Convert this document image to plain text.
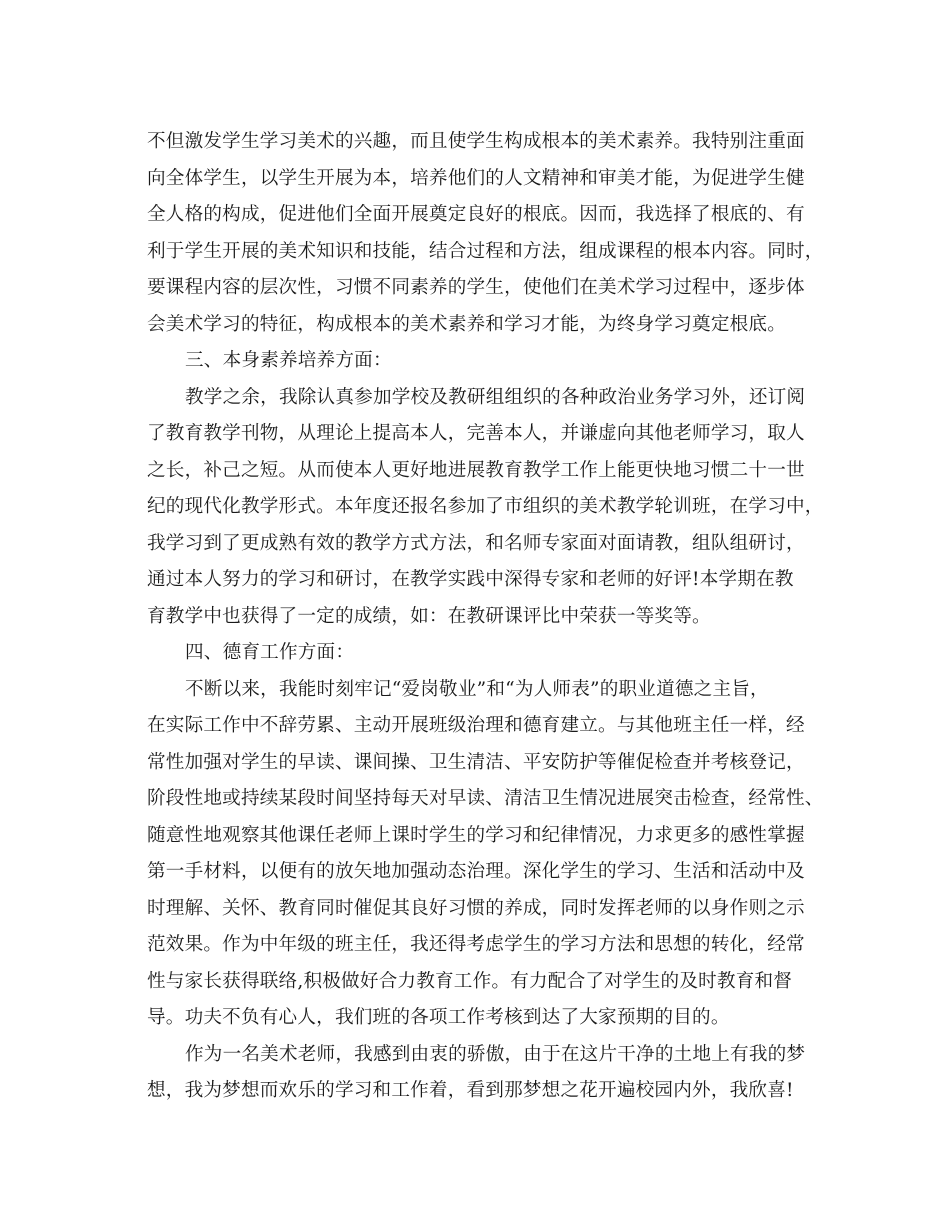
不但激发学生学习美术的兴趣，而且使学生构成根本的美术素养。我特别注重面
向全体学生，以学生开展为本，培养他们的人文精神和审美才能，为促进学生健
全人格的构成，促进他们全面开展奠定良好的根底。因而，我选择了根底的、有
利于学生开展的美术知识和技能，结合过程和方法，组成课程的根本内容。同时，
要课程内容的层次性，习惯不同素养的学生，使他们在美术学习过程中，逐步体
会美术学习的特征，构成根本的美术素养和学习才能，为终身学习奠定根底。
三、本身素养培养方面：
教学之余，我除认真参加学校及教研组组织的各种政治业务学习外，还订阅
了教育教学刊物，从理论上提高本人，完善本人，并谦虚向其他老师学习，取人
之长，补己之短。从而使本人更好地进展教育教学工作上能更快地习惯二十一世
纪的现代化教学形式。本年度还报名参加了市组织的美术教学轮训班，在学习中，
我学习到了更成熟有效的教学方式方法，和名师专家面对面请教，组队组研讨，
通过本人努力的学习和研讨，在教学实践中深得专家和老师的好评!本学期在教
育教学中也获得了一定的成绩，如：在教研课评比中荣获一等奖等。
四、德育工作方面：
不断以来，我能时刻牢记“爱岗敬业”和“为人师表”的职业道德之主旨，
在实际工作中不辞劳累、主动开展班级治理和德育建立。与其他班主任一样，经
常性加强对学生的早读、课间操、卫生清洁、平安防护等催促检查并考核登记，
阶段性地或持续某段时间坚持每天对早读、清洁卫生情况进展突击检查，经常性、
随意性地观察其他课任老师上课时学生的学习和纪律情况，力求更多的感性掌握
第一手材料，以便有的放矢地加强动态治理。深化学生的学习、生活和活动中及
时理解、关怀、教育同时催促其良好习惯的养成，同时发挥老师的以身作则之示
范效果。作为中年级的班主任，我还得考虑学生的学习方法和思想的转化，经常
性与家长获得联络,积极做好合力教育工作。有力配合了对学生的及时教育和督
导。功夫不负有心人，我们班的各项工作考核到达了大家预期的目的。
作为一名美术老师，我感到由衷的骄傲，由于在这片干净的土地上有我的梦
想，我为梦想而欢乐的学习和工作着，看到那梦想之花开遍校园内外，我欣喜!
